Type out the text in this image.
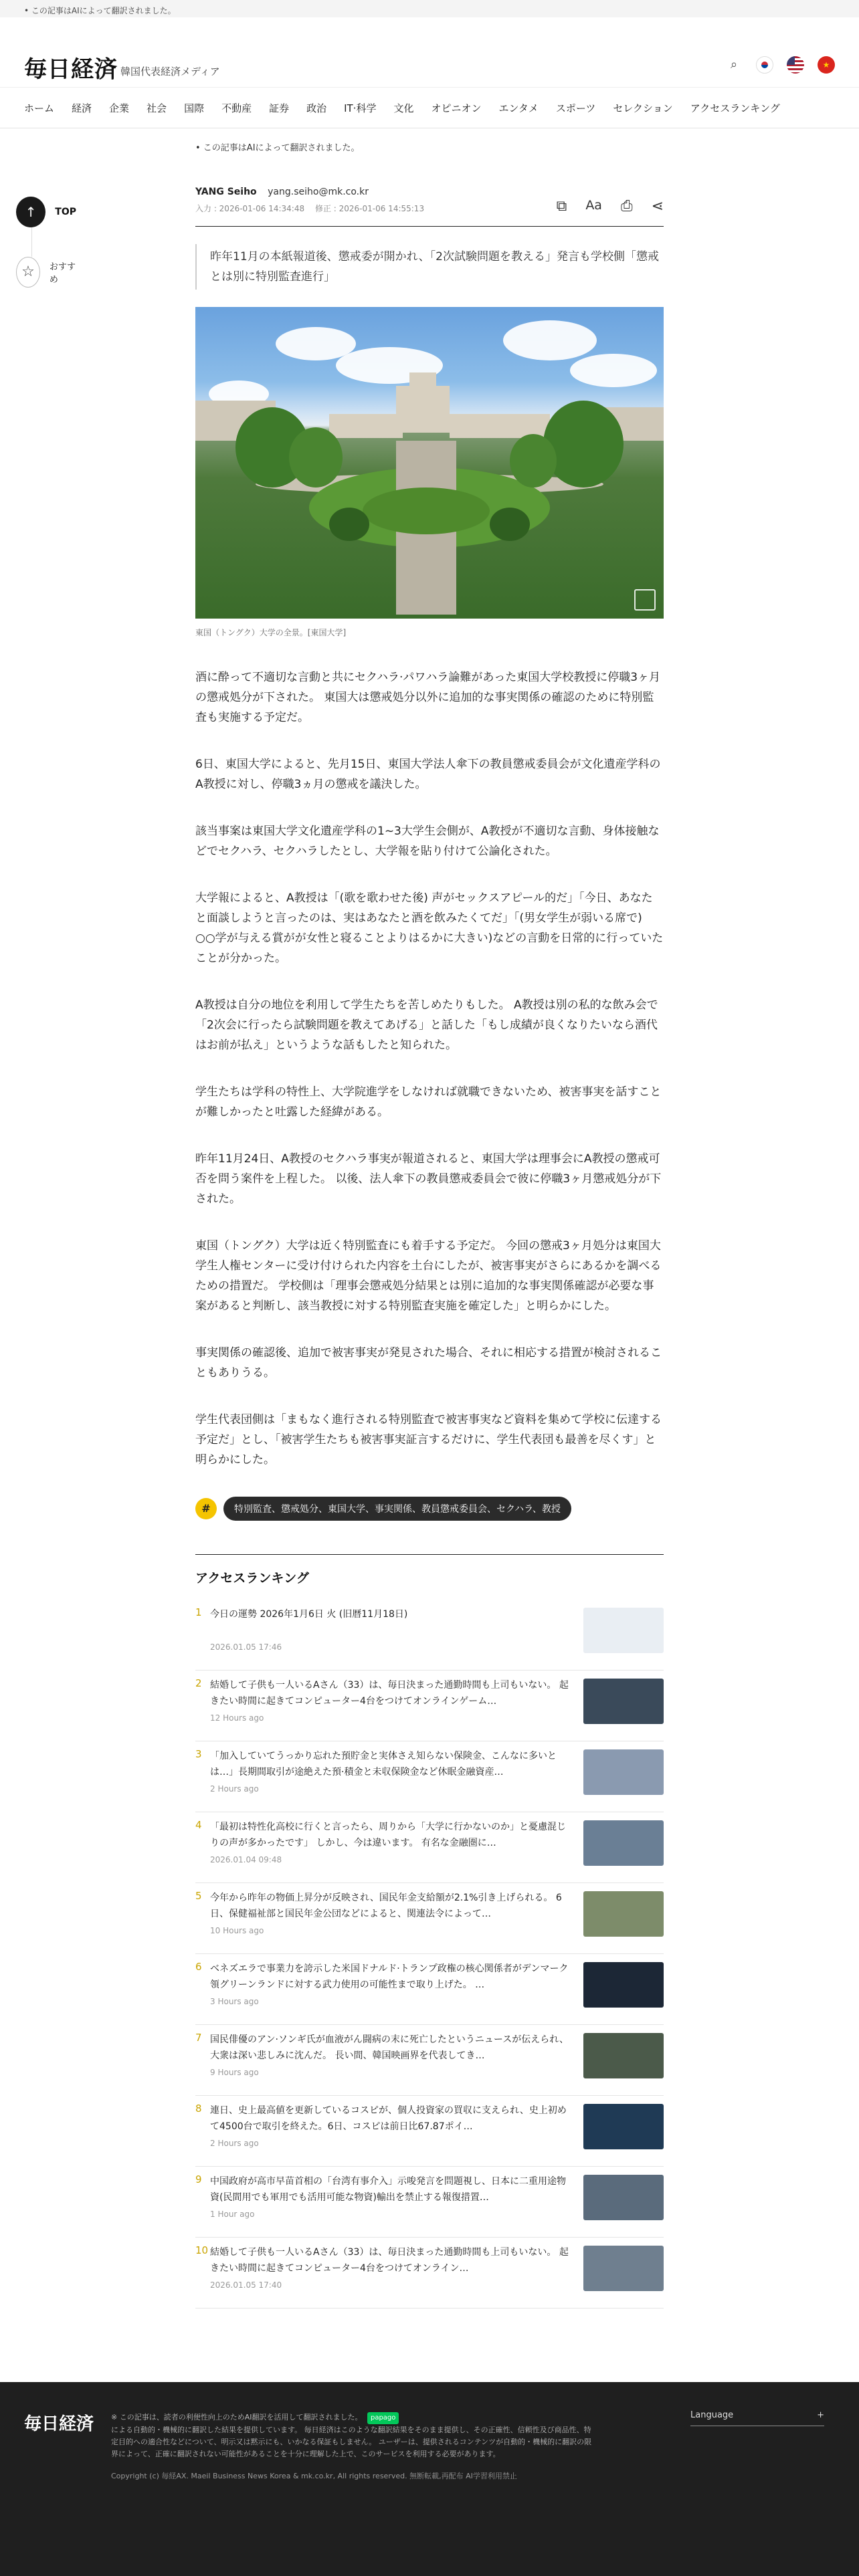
• この記事はAIによって翻訳されました。
毎日経済 韓国代表経済メディア	⌕	★
ホーム 経済 企業 社会 国際 不動産 証券 政治 IT·科学 文化 オピニオン エンタメ スポーツ セレクション アクセスランキング
↑	TOP
☆	おすすめ
• この記事はAIによって翻訳されました。
YANG Seiho yang.seiho@mk.co.kr
入力 : 2026-01-06 14:34:48 修正 : 2026-01-06 14:55:13	⧉ Aa ⎙ ⋖
昨年11月の本紙報道後、懲戒委が開かれ、「2次試験問題を教える」発言も学校側「懲戒とは別に特別監査進行」
東国（トングク）大学の全景。[東国大学]

酒に酔って不適切な言動と共にセクハラ·パワハラ論難があった東国大学校教授に停職3ヶ月の懲戒処分が下された。 東国大は懲戒処分以外に追加的な事実関係の確認のために特別監査も実施する予定だ。

6日、東国大学によると、先月15日、東国大学法人傘下の教員懲戒委員会が文化遺産学科のA教授に対し、停職3ヵ月の懲戒を議決した。

該当事案は東国大学文化遺産学科の1~3大学生会側が、A教授が不適切な言動、身体接触などでセクハラ、セクハラしたとし、大学報を貼り付けて公論化された。

大学報によると、A教授は「(歌を歌わせた後) 声がセックスアピール的だ」「今日、あなたと面談しようと言ったのは、実はあなたと酒を飲みたくてだ」「(男女学生が弱いる席で) ○○学が与える賞がが女性と寝ることよりはるかに大きい)などの言動を日常的に行っていたことが分かった。

A教授は自分の地位を利用して学生たちを苦しめたりもした。 A教授は別の私的な飲み会で「2次会に行ったら試験問題を教えてあげる」と話した「もし成績が良くなりたいなら酒代はお前が払え」というような話もしたと知られた。

学生たちは学科の特性上、大学院進学をしなければ就職できないため、被害事実を話すことが難しかったと吐露した経緯がある。

昨年11月24日、A教授のセクハラ事実が報道されると、東国大学は理事会にA教授の懲戒可否を問う案件を上程した。 以後、法人傘下の教員懲戒委員会で彼に停職3ヶ月懲戒処分が下された。

東国（トングク）大学は近く特別監査にも着手する予定だ。 今回の懲戒3ヶ月処分は東国大学生人権センターに受け付けられた内容を土台にしたが、被害事実がさらにあるかを調べるための措置だ。 学校側は「理事会懲戒処分結果とは別に追加的な事実関係確認が必要な事案があると判断し、該当教授に対する特別監査実施を確定した」と明らかにした。

事実関係の確認後、追加で被害事実が発見された場合、それに相応する措置が検討されることもありうる。

学生代表団側は「まもなく進行される特別監査で被害事実など資料を集めて学校に伝達する予定だ」とし、「被害学生たちも被害事実証言するだけに、学生代表団も最善を尽くす」と明らかにした。

#	特別監査、懲戒処分、東国大学、事実関係、教員懲戒委員会、セクハラ、教授
アクセスランキング
1 今日の運勢 2026年1月6日 火 (旧暦11月18日)
2026.01.05 17:46
2 結婚して子供も一人いるAさん（33）は、毎日決まった通勤時間も上司もいない。 起きたい時間に起きてコンピューター4台をつけてオンラインゲーム…
12 Hours ago
3 「加入していてうっかり忘れた預貯金と実体さえ知らない保険金、こんなに多いとは…」長期間取引が途絶えた預·積金と未収保険金など休眠金融資産…
2 Hours ago
4 「最初は特性化高校に行くと言ったら、周りから「大学に行かないのか」と憂慮混じりの声が多かったです」 しかし、今は違います。 有名な金融圏に…
2026.01.04 09:48
5 今年から昨年の物価上昇分が反映され、国民年金支給額が2.1%引き上げられる。 6日、保健福祉部と国民年金公団などによると、関連法令によって…
10 Hours ago
6 ベネズエラで事業力を誇示した米国ドナルド·トランプ政権の核心関係者がデンマーク領グリーンランドに対する武力使用の可能性まで取り上げた。 …
3 Hours ago
7 国民俳優のアン·ソンギ氏が血液がん闘病の末に死亡したというニュースが伝えられ、大衆は深い悲しみに沈んだ。 長い間、韓国映画界を代表してき…
9 Hours ago
8 連日、史上最高値を更新しているコスピが、個人投資家の買収に支えられ、史上初めて4500台で取引を終えた。6日、コスピは前日比67.87ポイ…
2 Hours ago
9 中国政府が高市早苗首相の「台湾有事介入」示唆発言を問題視し、日本に二重用途物資(民間用でも軍用でも活用可能な物資)輸出を禁止する報復措置…
1 Hour ago
10 結婚して子供も一人いるAさん（33）は、毎日決まった通勤時間も上司もいない。 起きたい時間に起きてコンピューター4台をつけてオンライン…
2026.01.05 17:40
毎日経済 ※ この記事は、読者の利便性向上のためAI翻訳を活用して翻訳されました。 papago
による自動的・機械的に翻訳した結果を提供しています。 毎日経済はこのような翻訳結果をそのまま提供し、その正確性、信頼性及び商品性、特定目的への適合性などについて、明示又は黙示にも、いかなる保証もしません。 ユーザーは、提供されるコンテンツが自動的・機械的に翻訳の限界によって、正確に翻訳されない可能性があることを十分に理解した上で、このサービスを利用する必要があります。
Copyright (c) 毎経AX. Maeil Business News Korea & mk.co.kr, All rights reserved. 無断転載,再配布 AI学習利用禁止
Language	+
